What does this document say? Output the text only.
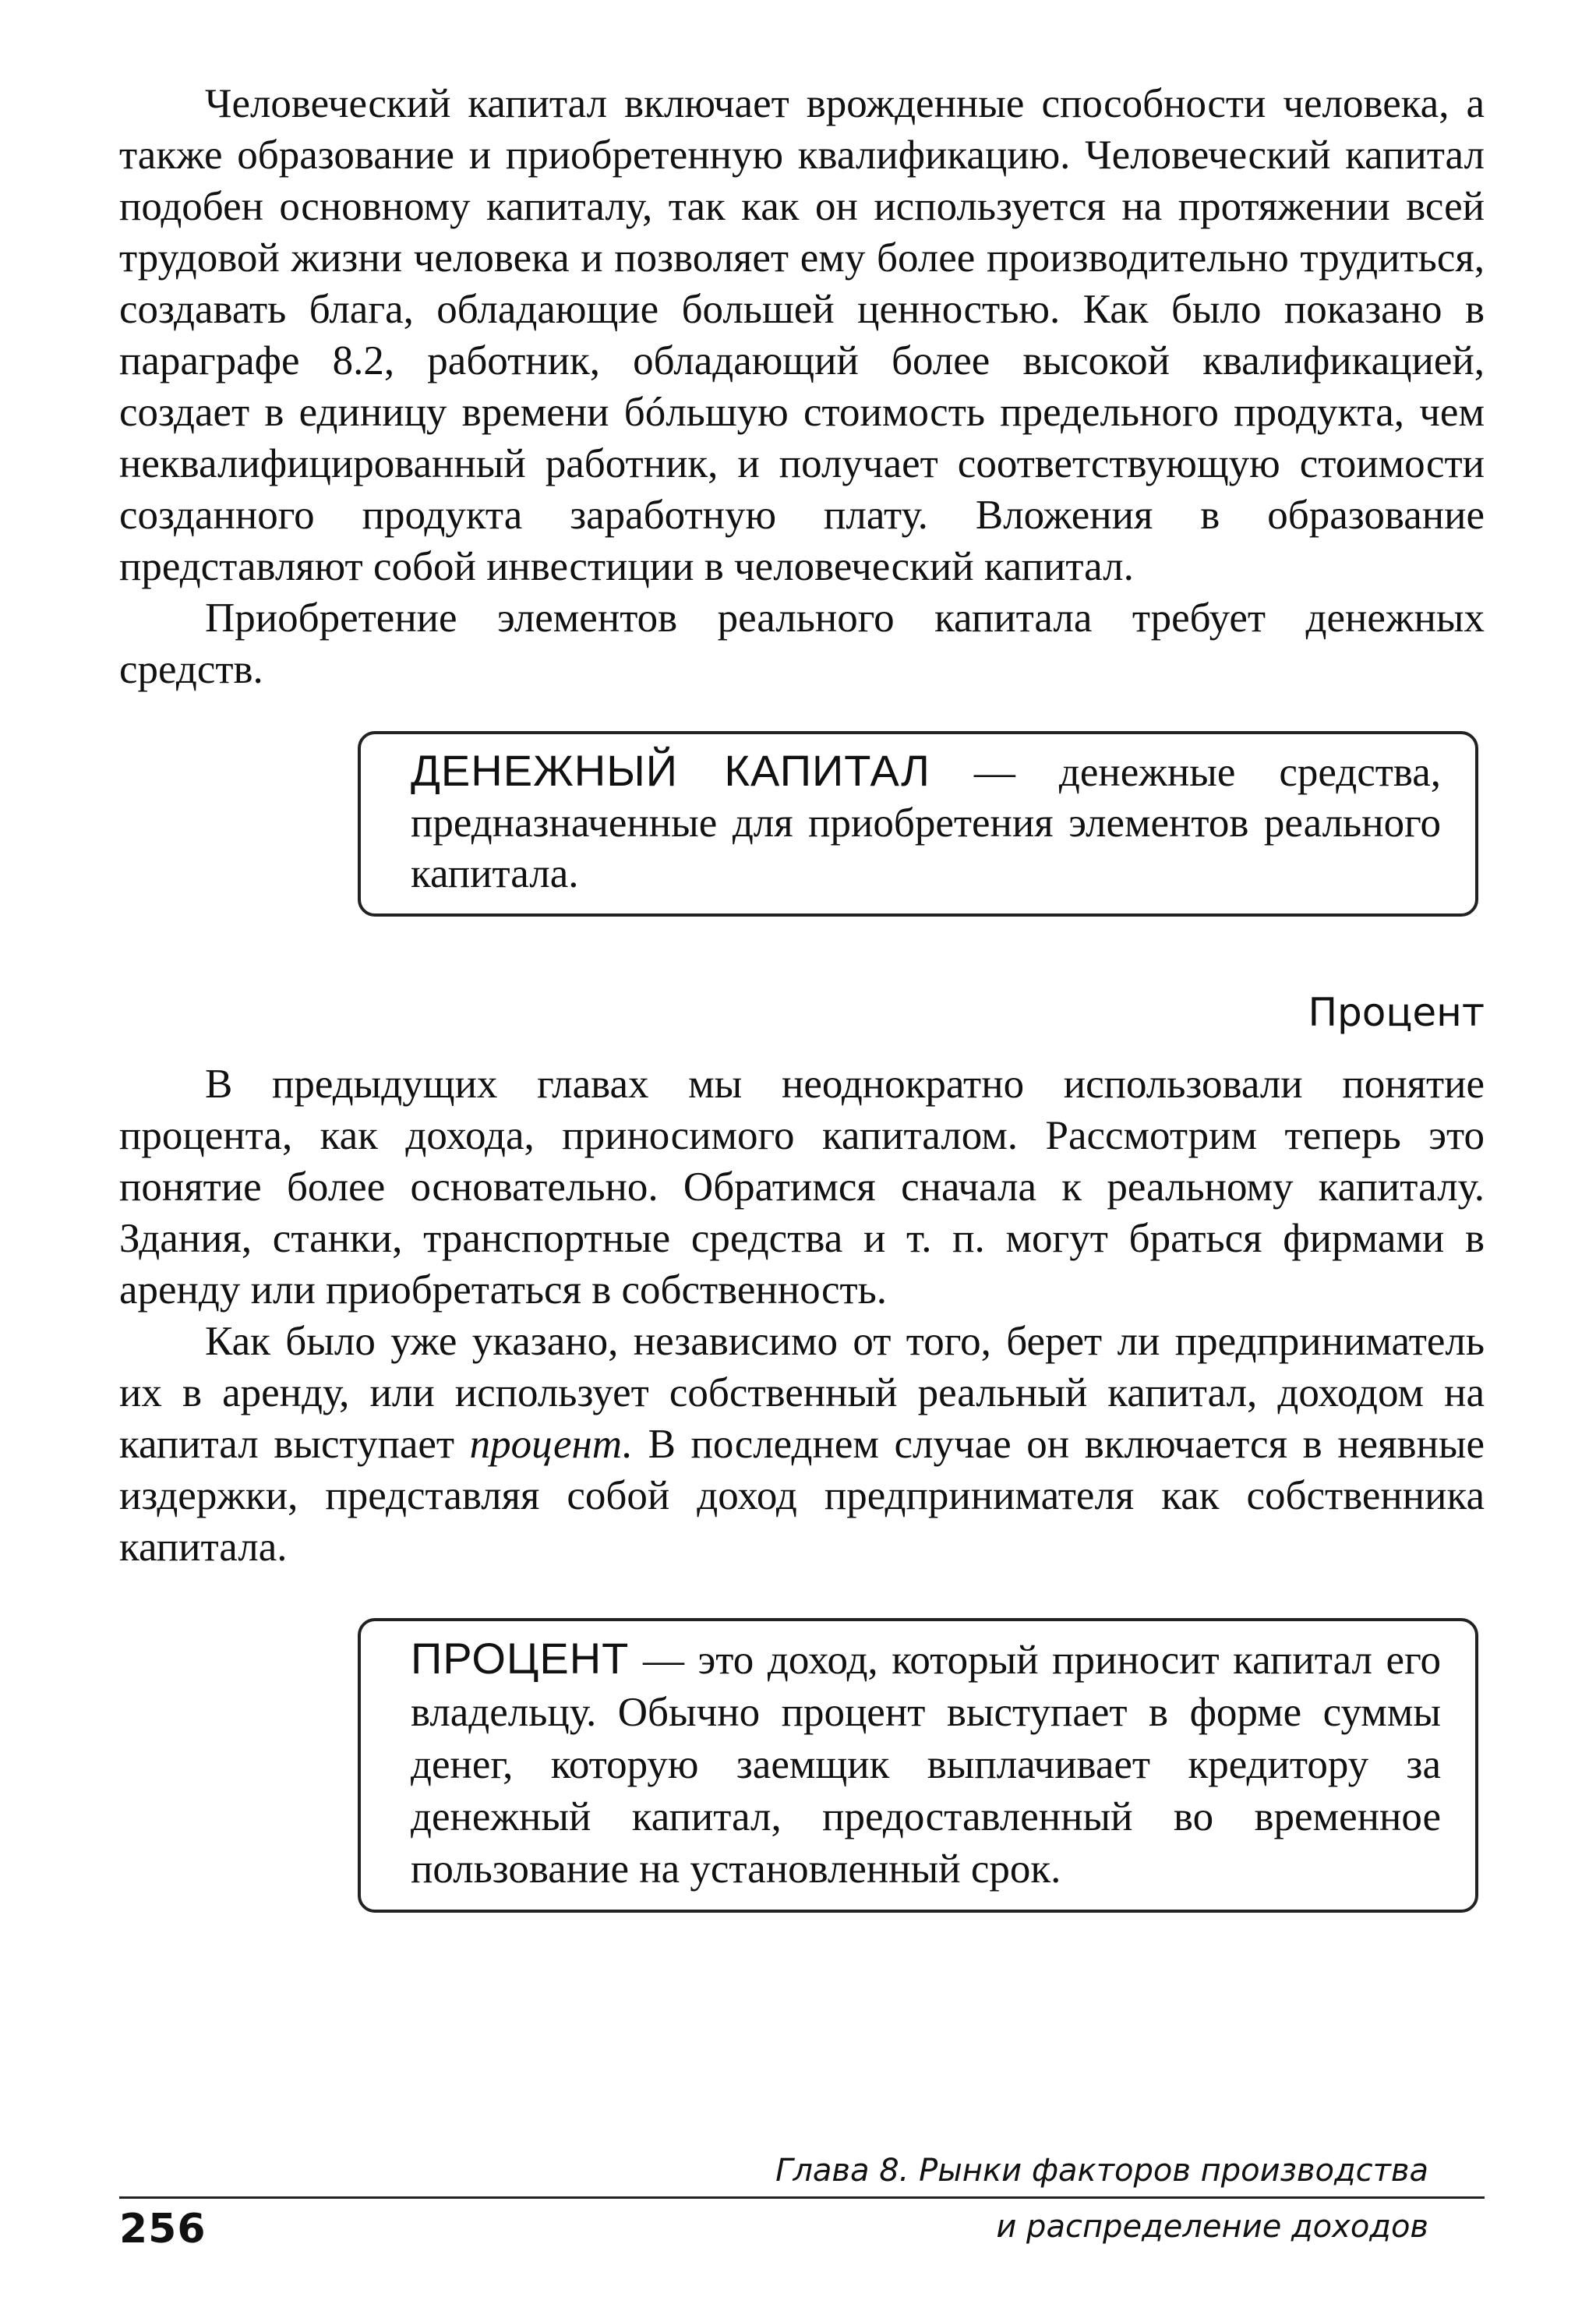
Человеческий капитал включает врожденные способности человека, а также образование и приобретенную квалификацию. Человеческий капитал подобен основному капиталу, так как он используется на протяжении всей трудовой жизни человека и позволяет ему более производительно трудиться, создавать блага, обладающие большей ценностью. Как было показано в параграфе 8.2, работник, обладающий более высокой квалификацией, создает в единицу времени бóльшую стоимость предельного продукта, чем неквалифицированный работник, и получает соответствующую стоимости созданного продукта заработную плату. Вложения в образование представляют собой инвестиции в человеческий капитал.

Приобретение элементов реального капитала требует денежных средств.

ДЕНЕЖНЫЙ КАПИТАЛ — денежные средства, предназначенные для приобретения элементов реального капитала.
Процент

В предыдущих главах мы неоднократно использовали понятие процента, как дохода, приносимого капиталом. Рассмотрим теперь это понятие более основательно. Обратимся сначала к реальному капиталу. Здания, станки, транспортные средства и т. п. могут браться фирмами в аренду или приобретаться в собственность.

Как было уже указано, независимо от того, берет ли предприниматель их в аренду, или использует собственный реальный капитал, доходом на капитал выступает процент. В последнем случае он включается в неявные издержки, представляя собой доход предпринимателя как собственника капитала.

ПРОЦЕНТ — это доход, который приносит капитал его владельцу. Обычно процент выступает в форме суммы денег, которую заемщик выплачивает кредитору за денежный капитал, предоставленный во временное пользование на установленный срок.
Глава 8. Рынки факторов производства
и распределение доходов
256
